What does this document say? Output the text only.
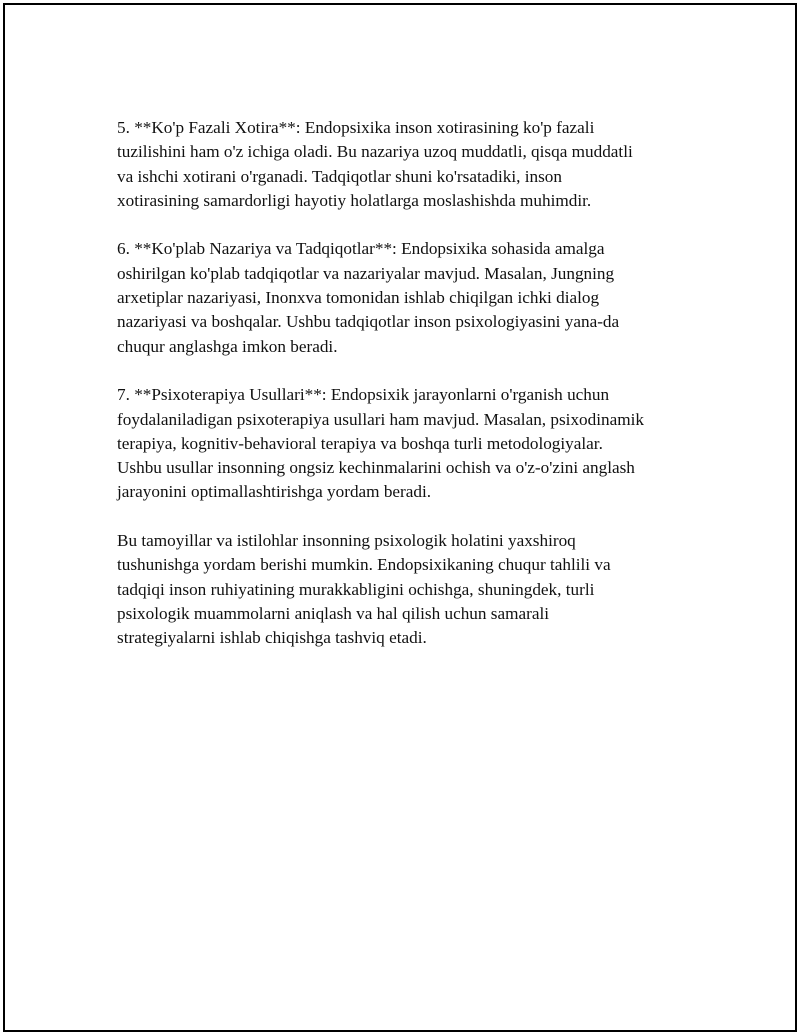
5. **Ko'p Fazali Xotira**: Endopsixika inson xotirasining ko'p fazali
tuzilishini ham o'z ichiga oladi. Bu nazariya uzoq muddatli, qisqa muddatli
va ishchi xotirani o'rganadi. Tadqiqotlar shuni ko'rsatadiki, inson
xotirasining samardorligi hayotiy holatlarga moslashishda muhimdir.

6. **Ko'plab Nazariya va Tadqiqotlar**: Endopsixika sohasida amalga
oshirilgan ko'plab tadqiqotlar va nazariyalar mavjud. Masalan, Jungning
arxetiplar nazariyasi, Inonxva tomonidan ishlab chiqilgan ichki dialog
nazariyasi va boshqalar. Ushbu tadqiqotlar inson psixologiyasini yana-da
chuqur anglashga imkon beradi.

7. **Psixoterapiya Usullari**: Endopsixik jarayonlarni o'rganish uchun
foydalaniladigan psixoterapiya usullari ham mavjud. Masalan, psixodinamik
terapiya, kognitiv-behavioral terapiya va boshqa turli metodologiyalar.
Ushbu usullar insonning ongsiz kechinmalarini ochish va o'z-o'zini anglash
jarayonini optimallashtirishga yordam beradi.

Bu tamoyillar va istilohlar insonning psixologik holatini yaxshiroq
tushunishga yordam berishi mumkin. Endopsixikaning chuqur tahlili va
tadqiqi inson ruhiyatining murakkabligini ochishga, shuningdek, turli
psixologik muammolarni aniqlash va hal qilish uchun samarali
strategiyalarni ishlab chiqishga tashviq etadi.
